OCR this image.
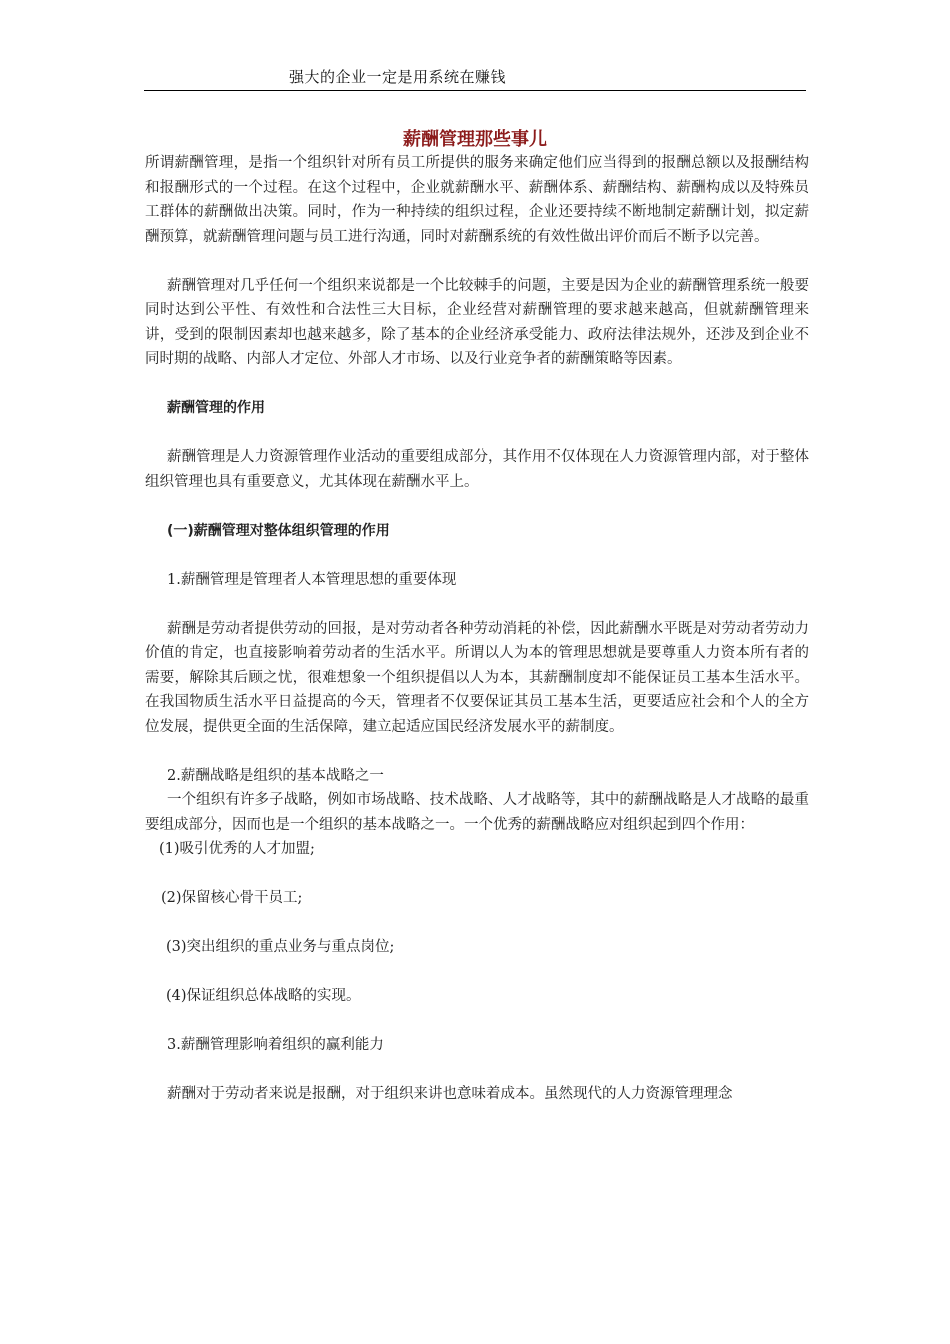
强大的企业一定是用系统在赚钱
薪酬管理那些事儿

所谓薪酬管理，是指一个组织针对所有员工所提供的服务来确定他们应当得到的报酬总额以及报酬结构和报酬形式的一个过程。在这个过程中，企业就薪酬水平、薪酬体系、薪酬结构、薪酬构成以及特殊员工群体的薪酬做出决策。同时，作为一种持续的组织过程，企业还要持续不断地制定薪酬计划，拟定薪酬预算，就薪酬管理问题与员工进行沟通，同时对薪酬系统的有效性做出评价而后不断予以完善。

薪酬管理对几乎任何一个组织来说都是一个比较棘手的问题，主要是因为企业的薪酬管理系统一般要同时达到公平性、有效性和合法性三大目标，企业经营对薪酬管理的要求越来越高，但就薪酬管理来讲，受到的限制因素却也越来越多，除了基本的企业经济承受能力、政府法律法规外，还涉及到企业不同时期的战略、内部人才定位、外部人才市场、以及行业竞争者的薪酬策略等因素。

薪酬管理的作用

薪酬管理是人力资源管理作业活动的重要组成部分，其作用不仅体现在人力资源管理内部，对于整体组织管理也具有重要意义，尤其体现在薪酬水平上。

(一)薪酬管理对整体组织管理的作用

1.薪酬管理是管理者人本管理思想的重要体现

薪酬是劳动者提供劳动的回报，是对劳动者各种劳动消耗的补偿，因此薪酬水平既是对劳动者劳动力价值的肯定，也直接影响着劳动者的生活水平。所谓以人为本的管理思想就是要尊重人力资本所有者的需要，解除其后顾之忧，很难想象一个组织提倡以人为本，其薪酬制度却不能保证员工基本生活水平。在我国物质生活水平日益提高的今天，管理者不仅要保证其员工基本生活，更要适应社会和个人的全方位发展，提供更全面的生活保障，建立起适应国民经济发展水平的薪制度。

2.薪酬战略是组织的基本战略之一

一个组织有许多子战略，例如市场战略、技术战略、人才战略等，其中的薪酬战略是人才战略的最重要组成部分，因而也是一个组织的基本战略之一。一个优秀的薪酬战略应对组织起到四个作用：

(1)吸引优秀的人才加盟;

(2)保留核心骨干员工;

(3)突出组织的重点业务与重点岗位;

(4)保证组织总体战略的实现。

3.薪酬管理影响着组织的赢利能力

薪酬对于劳动者来说是报酬，对于组织来讲也意味着成本。虽然现代的人力资源管理理念
